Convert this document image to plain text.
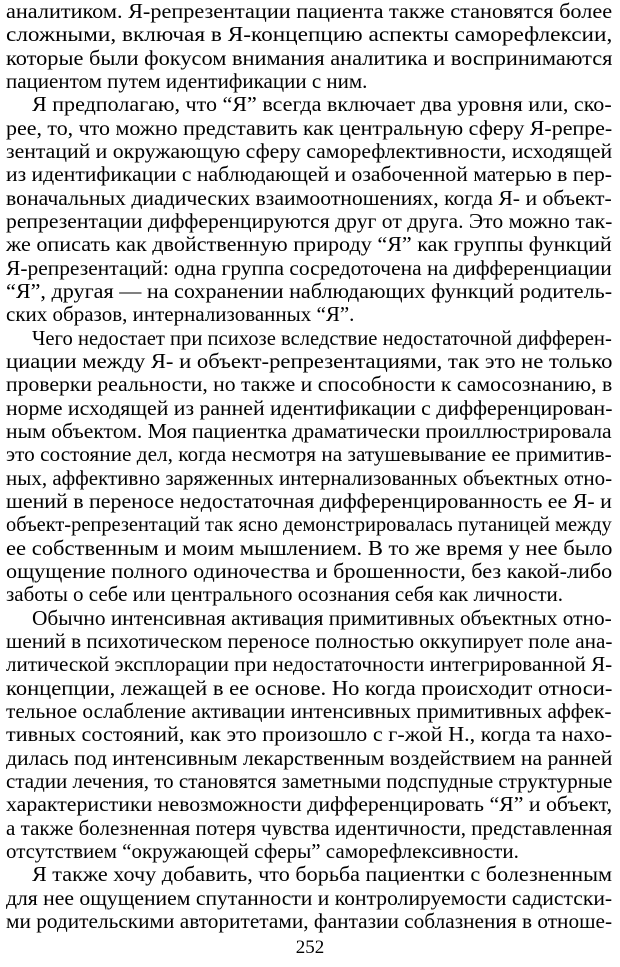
аналитиком. Я-репрезентации пациента также становятся более
сложными, включая в Я-концепцию аспекты саморефлексии,
которые были фокусом внимания аналитика и воспринимаются
пациентом путем идентификации с ним.
Я предполагаю, что “Я” всегда включает два уровня или, ско-
рее, то, что можно представить как центральную сферу Я-репре-
зентаций и окружающую сферу саморефлективности, исходящей
из идентификации с наблюдающей и озабоченной матерью в пер-
воначальных диадических взаимоотношениях, когда Я- и объект-
репрезентации дифференцируются друг от друга. Это можно так-
же описать как двойственную природу “Я” как группы функций
Я-репрезентаций: одна группа сосредоточена на дифференциации
“Я”, другая — на сохранении наблюдающих функций родитель-
ских образов, интернализованных “Я”.
Чего недостает при психозе вследствие недостаточной дифферен-
циации между Я- и объект-репрезентациями, так это не только
проверки реальности, но также и способности к самосознанию, в
норме исходящей из ранней идентификации с дифференцирован-
ным объектом. Моя пациентка драматически проиллюстрировала
это состояние дел, когда несмотря на затушевывание ее примитив-
ных, аффективно заряженных интернализованных объектных отно-
шений в переносе недостаточная дифференцированность ее Я- и
объект-репрезентаций так ясно демонстрировалась путаницей между
ее собственным и моим мышлением. В то же время у нее было
ощущение полного одиночества и брошенности, без какой-либо
заботы о себе или центрального осознания себя как личности.
Обычно интенсивная активация примитивных объектных отно-
шений в психотическом переносе полностью оккупирует поле ана-
литической эксплорации при недостаточности интегрированной Я-
концепции, лежащей в ее основе. Но когда происходит относи-
тельное ослабление активации интенсивных примитивных аффек-
тивных состояний, как это произошло с г-жой Н., когда та нахо-
дилась под интенсивным лекарственным воздействием на ранней
стадии лечения, то становятся заметными подспудные структурные
характеристики невозможности дифференцировать “Я” и объект,
а также болезненная потеря чувства идентичности, представленная
отсутствием “окружающей сферы” саморефлексивности.
Я также хочу добавить, что борьба пациентки с болезненным
для нее ощущением спутанности и контролируемости садистски-
ми родительскими авторитетами, фантазии соблазнения в отноше-
252
